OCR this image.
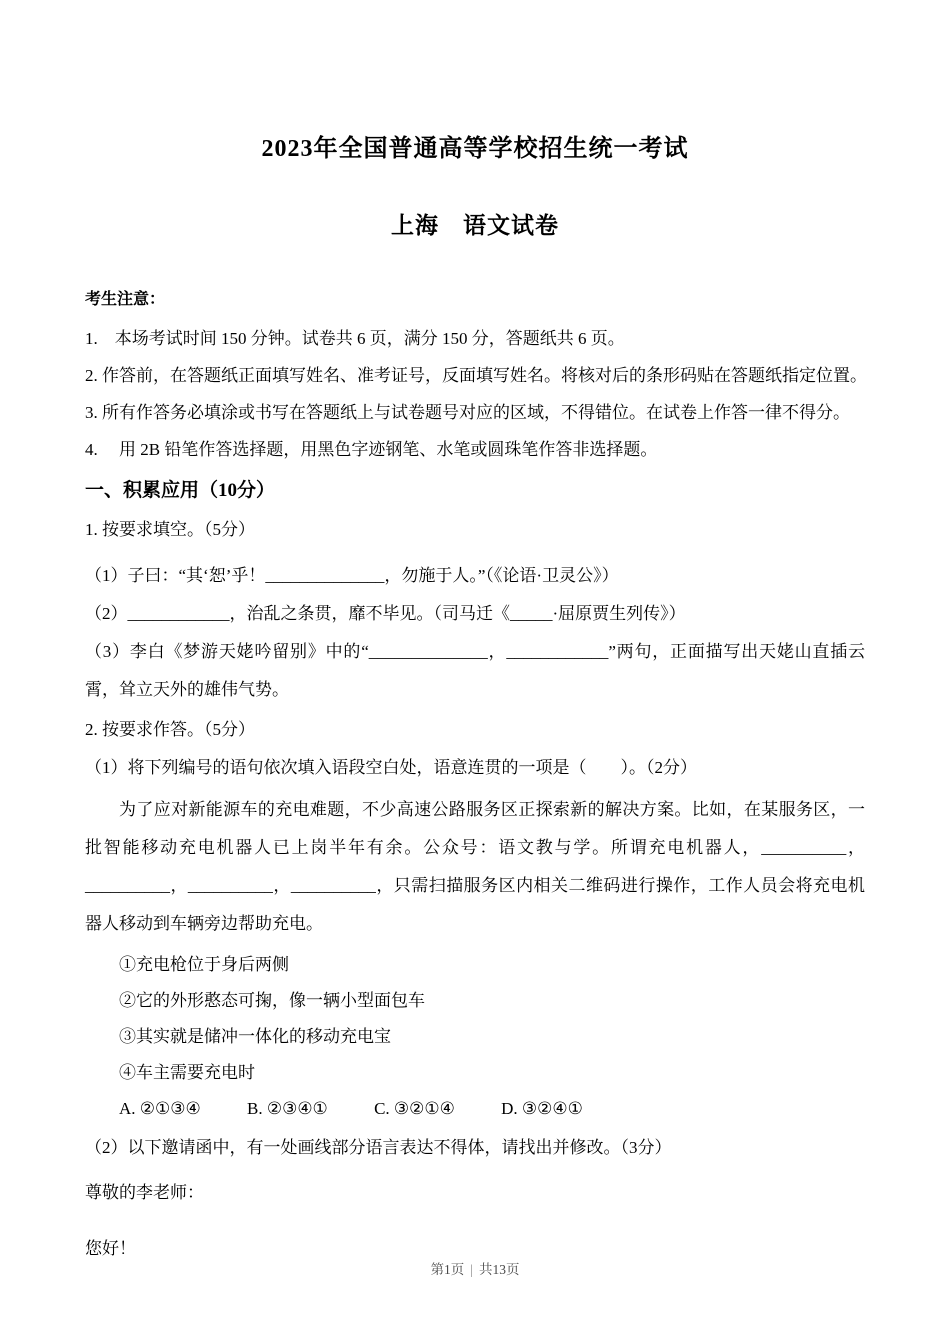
2023年全国普通高等学校招生统一考试
上海　语文试卷
考生注意：

1.　本场考试时间 150 分钟。试卷共 6 页，满分 150 分，答题纸共 6 页。

2. 作答前，在答题纸正面填写姓名、准考证号，反面填写姓名。将核对后的条形码贴在答题纸指定位置。

3. 所有作答务必填涂或书写在答题纸上与试卷题号对应的区域，不得错位。在试卷上作答一律不得分。

4.　 用 2B 铅笔作答选择题，用黑色字迹钢笔、水笔或圆珠笔作答非选择题。

一、积累应用（10分）

1. 按要求填空。（5分）

（1）子曰：“其‘恕’乎！______________，勿施于人。”（《论语·卫灵公》）

（2）____________，治乱之条贯，靡不毕见。（司马迁《_____·屈原贾生列传》）

（3）李白《梦游天姥吟留别》中的“______________，____________”两句，正面描写出天姥山直插云霄，耸立天外的雄伟气势。

2. 按要求作答。（5分）

（1）将下列编号的语句依次填入语段空白处，语意连贯的一项是（　　）。（2分）

为了应对新能源车的充电难题，不少高速公路服务区正探索新的解决方案。比如，在某服务区，一批智能移动充电机器人已上岗半年有余。公众号：语文教与学。所谓充电机器人，__________，__________，__________，__________，只需扫描服务区内相关二维码进行操作，工作人员会将充电机器人移动到车辆旁边帮助充电。

①充电枪位于身后两侧

②它的外形憨态可掬，像一辆小型面包车

③其实就是储冲一体化的移动充电宝

④车主需要充电时

A. ②①③④	B. ②③④①	C. ③②①④	D. ③②④①

（2）以下邀请函中，有一处画线部分语言表达不得体，请找出并修改。（3分）

尊敬的李老师：

您好！

第1页 | 共13页
